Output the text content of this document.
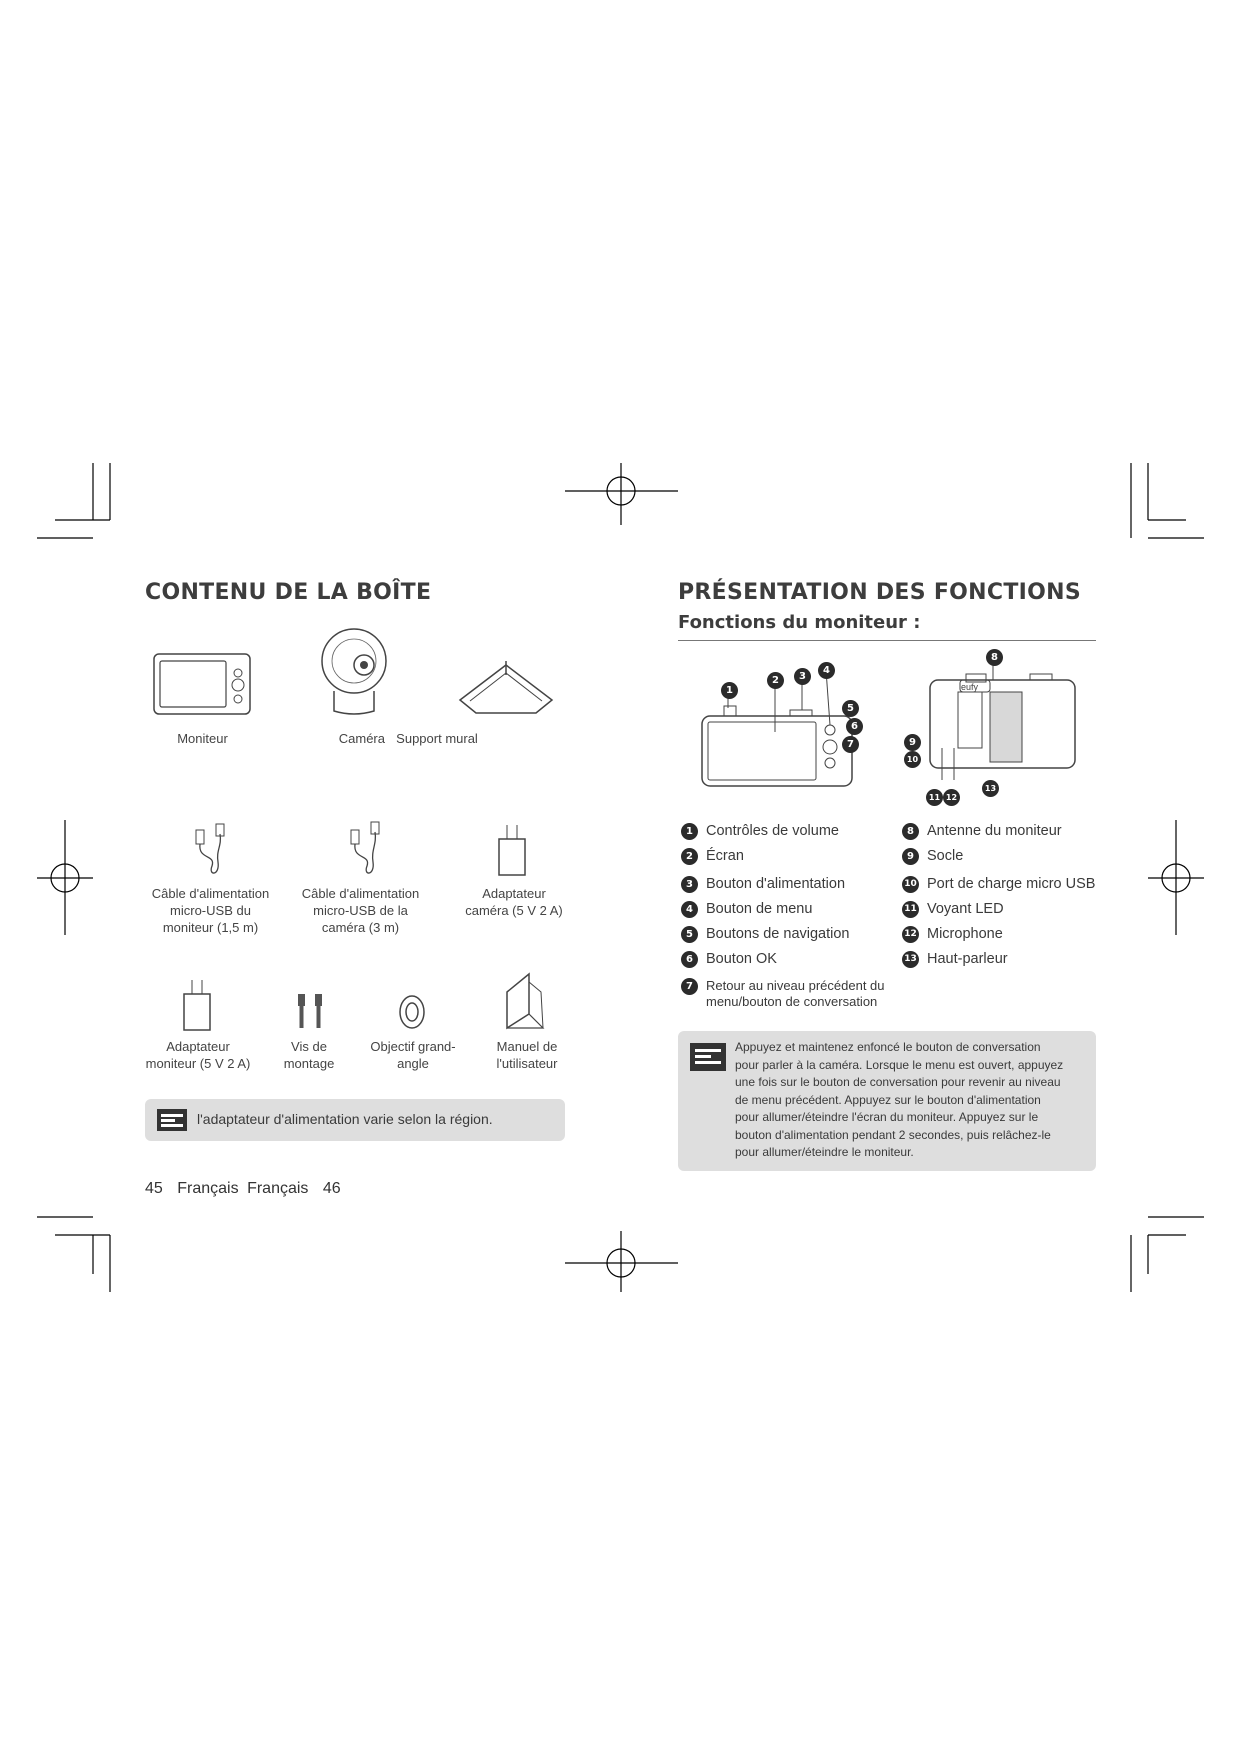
CONTENU DE LA BOÎTE
Moniteur	Caméra Support mural
Câble d'alimentation
micro-USB du
moniteur (1,5 m)
Câble d'alimentation
micro-USB de la
caméra (3 m)
Adaptateur
caméra (5 V 2 A)
Adaptateur
moniteur (5 V 2 A)
Vis de
montage
Objectif grand-
angle
Manuel de
l'utilisateur
l'adaptateur d'alimentation varie selon la région.
45 Français Français 46
PRÉSENTATION DES FONCTIONS
Fonctions du moniteur :
1
2	3
4
5
6
7
eufy
8
9
10
11 12
13
1 Contrôles de volume
2 Écran
3 Bouton d'alimentation
4 Bouton de menu
5 Boutons de navigation
6 Bouton OK
7	Retour au niveau précédent du
menu/bouton de conversation
8 Antenne du moniteur
9 Socle
10 Port de charge micro USB
11 Voyant LED
12 Microphone
13 Haut-parleur
Appuyez et maintenez enfoncé le bouton de conversation
pour parler à la caméra. Lorsque le menu est ouvert, appuyez
une fois sur le bouton de conversation pour revenir au niveau
de menu précédent. Appuyez sur le bouton d'alimentation
pour allumer/éteindre l'écran du moniteur. Appuyez sur le
bouton d'alimentation pendant 2 secondes, puis relâchez-le
pour allumer/éteindre le moniteur.
